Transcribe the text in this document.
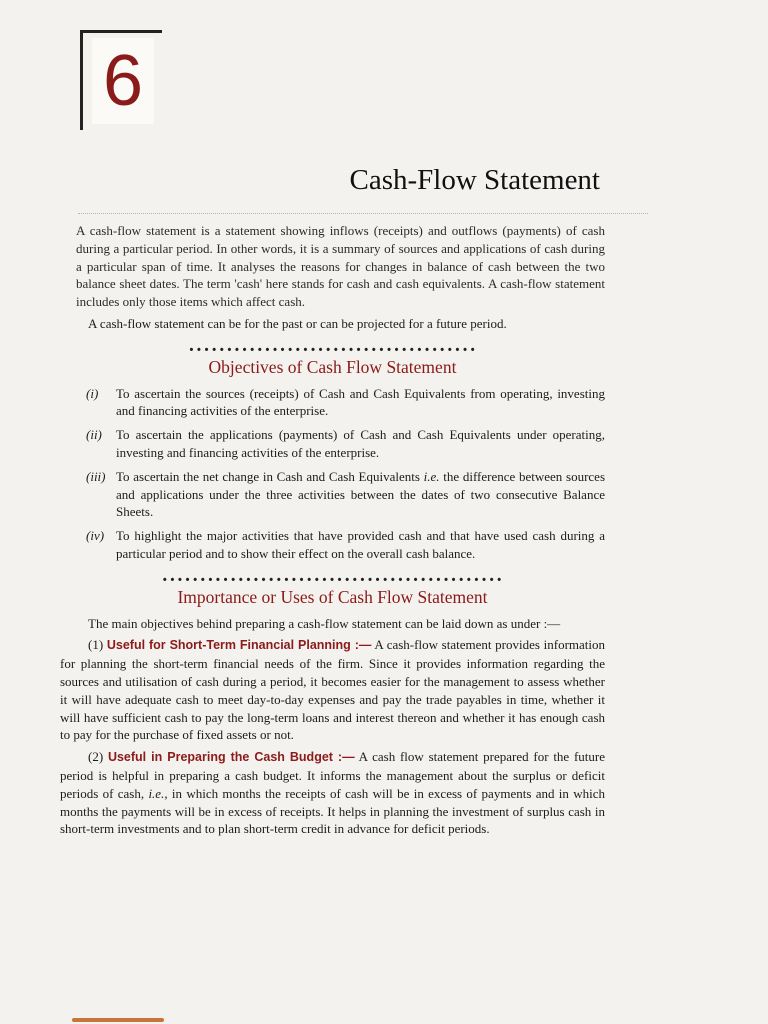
6
Cash-Flow Statement

A cash-flow statement is a statement showing inflows (receipts) and outflows (payments) of cash during a particular period. In other words, it is a summary of sources and applications of cash during a particular span of time. It analyses the reasons for changes in balance of cash between the two balance sheet dates. The term 'cash' here stands for cash and cash equivalents. A cash-flow statement includes only those items which affect cash.

A cash-flow statement can be for the past or can be projected for a future period.

••••••••••••••••••••••••••••••••••••••
Objectives of Cash Flow Statement
(i)	To ascertain the sources (receipts) of Cash and Cash Equivalents from operating, investing and financing activities of the enterprise.
(ii)	To ascertain the applications (payments) of Cash and Cash Equivalents under operating, investing and financing activities of the enterprise.
(iii) To ascertain the net change in Cash and Cash Equivalents i.e. the difference between sources and applications under the three activities between the dates of two consecutive Balance Sheets.
(iv) To highlight the major activities that have provided cash and that have used cash during a particular period and to show their effect on the overall cash balance.
•••••••••••••••••••••••••••••••••••••••••••••
Importance or Uses of Cash Flow Statement

The main objectives behind preparing a cash-flow statement can be laid down as under :—

(1) Useful for Short-Term Financial Planning :— A cash-flow statement provides information for planning the short-term financial needs of the firm. Since it provides information regarding the sources and utilisation of cash during a period, it becomes easier for the management to assess whether it will have adequate cash to meet day-to-day expenses and pay the trade payables in time, whether it will have sufficient cash to pay the long-term loans and interest thereon and whether it has enough cash to pay for the purchase of fixed assets or not.

(2) Useful in Preparing the Cash Budget :— A cash flow statement prepared for the future period is helpful in preparing a cash budget. It informs the management about the surplus or deficit periods of cash, i.e., in which months the receipts of cash will be in excess of payments and in which months the payments will be in excess of receipts. It helps in planning the investment of surplus cash in short-term investments and to plan short-term credit in advance for deficit periods.
